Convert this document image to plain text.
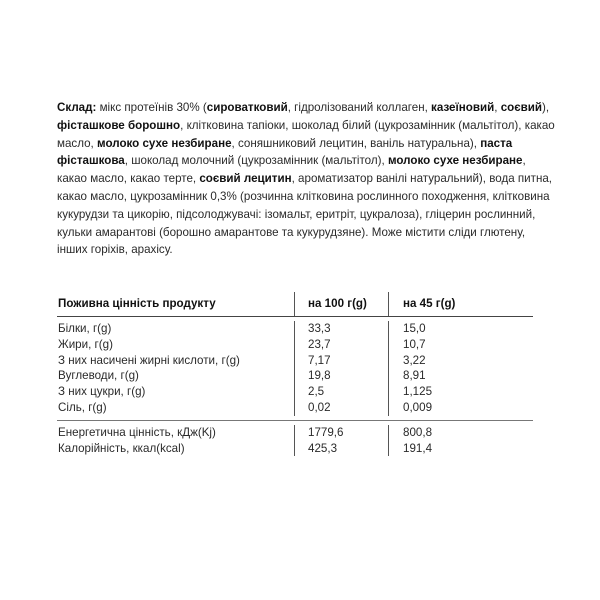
Склад: мікс протеїнів 30% (сироватковий, гідролізований коллаген, казеїновий, соєвий), фісташкове борошно, клітковина тапіоки, шоколад білий (цукрозамінник (мальтітол), какао масло, молоко сухе незбиране, соняшниковий лецитин, ваніль натуральна), паста фісташкова, шоколад молочний (цукрозамінник (мальтітол), молоко сухе незбиране, какао масло, какао терте, соєвий лецитин, ароматизатор ванілі натуральний), вода питна, какао масло, цукрозамінник 0,3% (розчинна клітковина рослинного походження, клітковина кукурудзи та цикорію, підсолоджувачі: ізомальт, еритріт, цукралоза), гліцерин рослинний, кульки амарантові (борошно амарантове та кукурудзяне). Може містити сліди глютену, інших горіхів, арахісу.
Поживна цінність продукту	на 100 г(g)	на 45 г(g)
Білки, г(g)	33,3	15,0
Жири, г(g)	23,7	10,7
З них насичені жирні кислоти, г(g)	7,17	3,22
Вуглеводи, г(g)	19,8	8,91
З них цукри, г(g)	2,5	1,125
Сіль, г(g)	0,02	0,009
Енергетична цінність, кДж(Kj)	1779,6	800,8
Калорійність, ккал(kcal)	425,3	191,4
